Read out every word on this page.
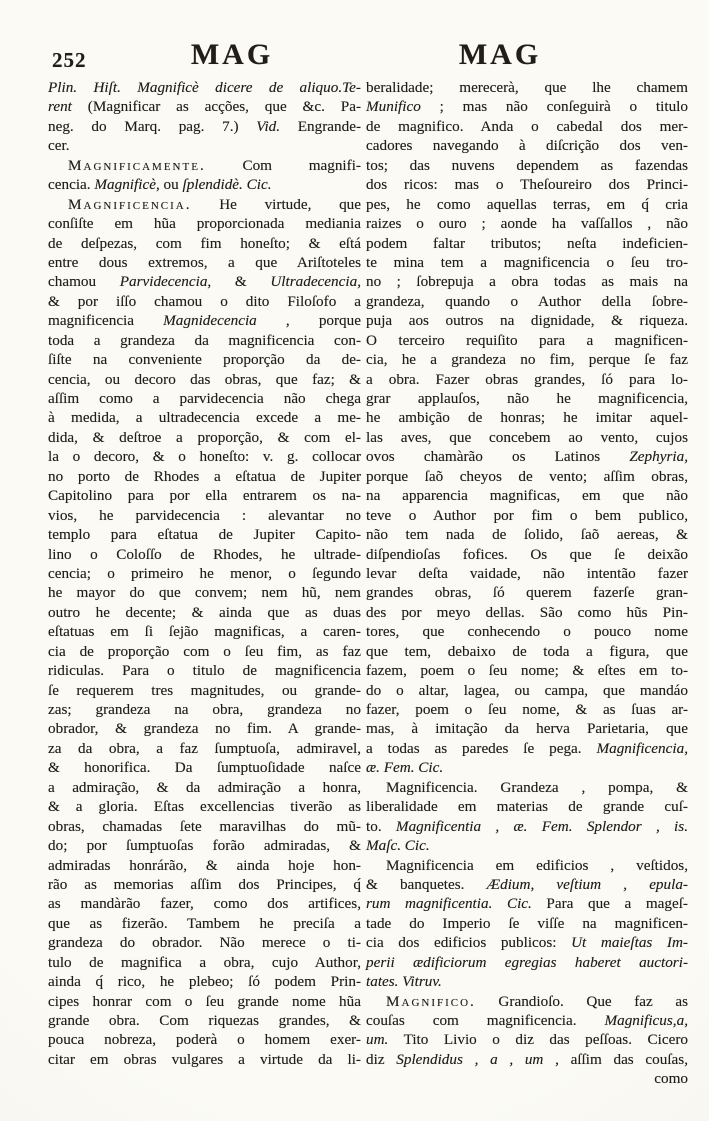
252	MAG	MAG
Plin. Hiſt. Magnificè dicere de aliquo.Te-
rent (Magnificar as acções, que &c. Pa-
neg. do Marq. pag. 7.) Vid. Engrande-
cer.
Magnificamente. Com magnifi-
cencia. Magnificè, ou ſplendidè. Cic.
Magnificencia. He virtude, que
conſiſte em hũa proporcionada mediania
de deſpezas, com fim honeſto; & eſtá
entre dous extremos, a que Ariſtoteles
chamou Parvidecencia, & Ultradecencia,
& por iſſo chamou o dito Filoſofo a
magnificencia Magnidecencia , porque
toda a grandeza da magnificencia con-
ſiſte na conveniente proporção da de-
cencia, ou decoro das obras, que faz; &
aſſim como a parvidecencia não chega
à medida, a ultradecencia excede a me-
dida, & deſtroe a proporção, & com el-
la o decoro, & o honeſto: v. g. collocar
no porto de Rhodes a eſtatua de Jupiter
Capitolino para por ella entrarem os na-
vios, he parvidecencia : alevantar no
templo para eſtatua de Jupiter Capito-
lino o Coloſſo de Rhodes, he ultrade-
cencia; o primeiro he menor, o ſegundo
he mayor do que convem; nem hũ, nem
outro he decente; & ainda que as duas
eſtatuas em ſi ſejão magnificas, a caren-
cia de proporção com o ſeu fim, as faz
ridiculas. Para o titulo de magnificencia
ſe requerem tres magnitudes, ou grande-
zas; grandeza na obra, grandeza no
obrador, & grandeza no fim. A grande-
za da obra, a faz ſumptuoſa, admiravel,
& honorifica. Da ſumptuoſidade naſce
a admiração, & da admiração a honra,
& a gloria. Eſtas excellencias tiverão as
obras, chamadas ſete maravilhas do mũ-
do; por ſumptuoſas forão admiradas, &
admiradas honrárão, & ainda hoje hon-
rão as memorias aſſim dos Principes, q́
as mandàrão fazer, como dos artifices,
que as fizerão. Tambem he preciſa a
grandeza do obrador. Não merece o ti-
tulo de magnifica a obra, cujo Author,
ainda q́ rico, he plebeo; ſó podem Prin-
cipes honrar com o ſeu grande nome hũa
grande obra. Com riquezas grandes, &
pouca nobreza, poderà o homem exer-
citar em obras vulgares a virtude da li-
beralidade; merecerà, que lhe chamem
Munifico ; mas não conſeguirà o titulo
de magnifico. Anda o cabedal dos mer-
cadores navegando à diſcrição dos ven-
tos; das nuvens dependem as fazendas
dos ricos: mas o Theſoureiro dos Princi-
pes, he como aquellas terras, em q́ cria
raizes o ouro ; aonde ha vaſſallos , não
podem faltar tributos; neſta indeficien-
te mina tem a magnificencia o ſeu tro-
no ; ſobrepuja a obra todas as mais na
grandeza, quando o Author della ſobre-
puja aos outros na dignidade, & riqueza.
O terceiro requiſito para a magnificen-
cia, he a grandeza no fim, perque ſe faz
a obra. Fazer obras grandes, ſó para lo-
grar applauſos, não he magnificencia,
he ambição de honras; he imitar aquel-
las aves, que concebem ao vento, cujos
ovos chamàrão os Latinos Zephyria,
porque ſaõ cheyos de vento; aſſim obras,
na apparencia magnificas, em que não
teve o Author por fim o bem publico,
não tem nada de ſolido, ſaõ aereas, &
diſpendioſas fofices. Os que ſe deixão
levar deſta vaidade, não intentão fazer
grandes obras, ſó querem fazerſe gran-
des por meyo dellas. São como hũs Pin-
tores, que conhecendo o pouco nome
que tem, debaixo de toda a figura, que
fazem, poem o ſeu nome; & eſtes em to-
do o altar, lagea, ou campa, que mandáo
fazer, poem o ſeu nome, & as ſuas ar-
mas, à imitação da herva Parietaria, que
a todas as paredes ſe pega. Magnificencia,
æ. Fem. Cic.
Magnificencia. Grandeza , pompa, &
liberalidade em materias de grande cuſ-
to. Magnificentia , æ. Fem. Splendor , is.
Maſc. Cic.
Magnificencia em edificios , veſtidos,
& banquetes. Ædium, veſtium , epula-
rum magnificentia. Cic. Para que a mageſ-
tade do Imperio ſe viſſe na magnificen-
cia dos edificios publicos: Ut maieſtas Im-
perii ædificiorum egregias haberet auctori-
tates. Vitruv.
Magnifico. Grandioſo. Que faz as
couſas com magnificencia. Magnificus,a,
um. Tito Livio o diz das peſſoas. Cicero
diz Splendidus , a , um , aſſim das couſas,
como
